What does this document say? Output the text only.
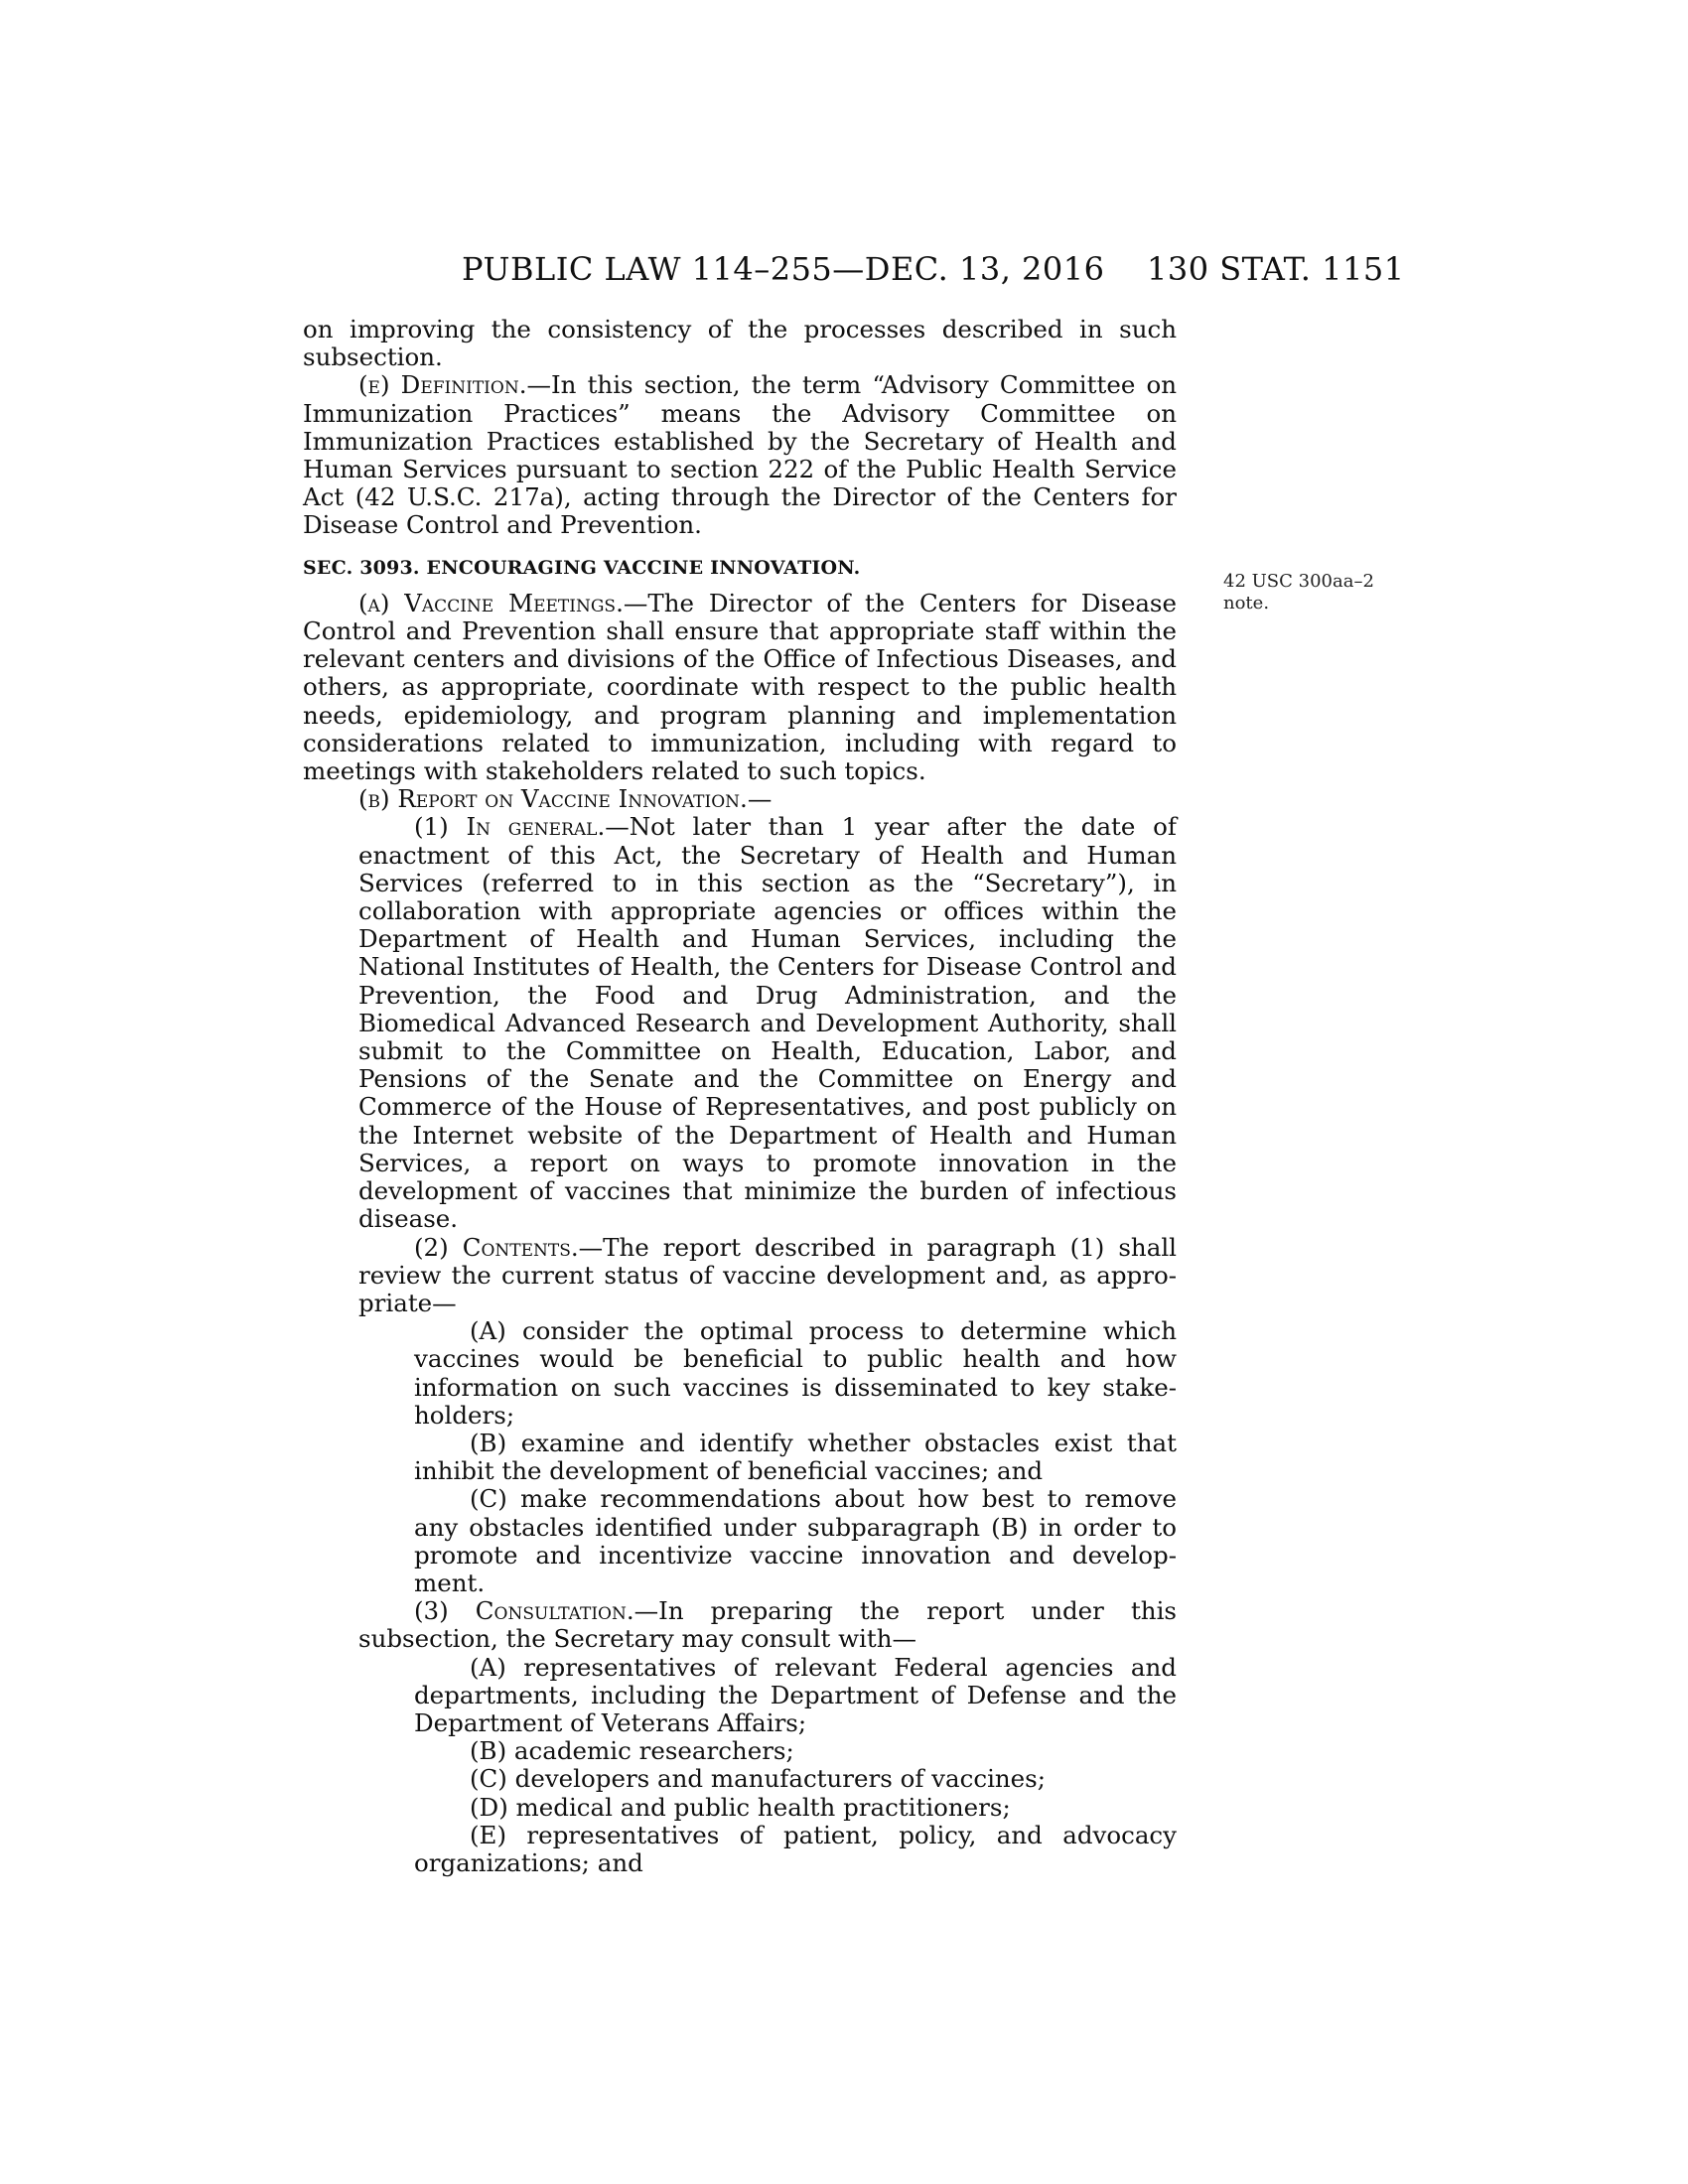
PUBLIC LAW 114–255—DEC. 13, 2016 130 STAT. 1151
42 USC 300aa–2
note.

on improving the consistency of the processes described in such subsection.

(e) Definition.—In this section, the term “Advisory Committee on Immunization Practices” means the Advisory Committee on Immunization Practices established by the Secretary of Health and Human Services pursuant to section 222 of the Public Health Service Act (42 U.S.C. 217a), acting through the Director of the Centers for Disease Control and Prevention.

SEC. 3093. ENCOURAGING VACCINE INNOVATION.

(a) Vaccine Meetings.—The Director of the Centers for Disease Control and Prevention shall ensure that appropriate staff within the relevant centers and divisions of the Office of Infectious Diseases, and others, as appropriate, coordinate with respect to the public health needs, epidemiology, and program planning and implementation considerations related to immunization, including with regard to meetings with stakeholders related to such topics.

(b) Report on Vaccine Innovation.—

(1) In general.—Not later than 1 year after the date of enactment of this Act, the Secretary of Health and Human Services (referred to in this section as the “Secretary”), in collaboration with appropriate agencies or offices within the Department of Health and Human Services, including the National Institutes of Health, the Centers for Disease Control and Prevention, the Food and Drug Administration, and the Biomedical Advanced Research and Development Authority, shall submit to the Committee on Health, Education, Labor, and Pensions of the Senate and the Committee on Energy and Commerce of the House of Representatives, and post publicly on the Internet website of the Department of Health and Human Services, a report on ways to promote innovation in the development of vaccines that minimize the burden of infectious disease.

(2) Contents.—The report described in paragraph (1) shall review the current status of vaccine development and, as appropriate—

(A) consider the optimal process to determine which vaccines would be beneficial to public health and how information on such vaccines is disseminated to key stakeholders;

(B) examine and identify whether obstacles exist that inhibit the development of beneficial vaccines; and

(C) make recommendations about how best to remove any obstacles identified under subparagraph (B) in order to promote and incentivize vaccine innovation and development.

(3) Consultation.—In preparing the report under this subsection, the Secretary may consult with—

(A) representatives of relevant Federal agencies and departments, including the Department of Defense and the Department of Veterans Affairs;

(B) academic researchers;

(C) developers and manufacturers of vaccines;

(D) medical and public health practitioners;

(E) representatives of patient, policy, and advocacy organizations; and
